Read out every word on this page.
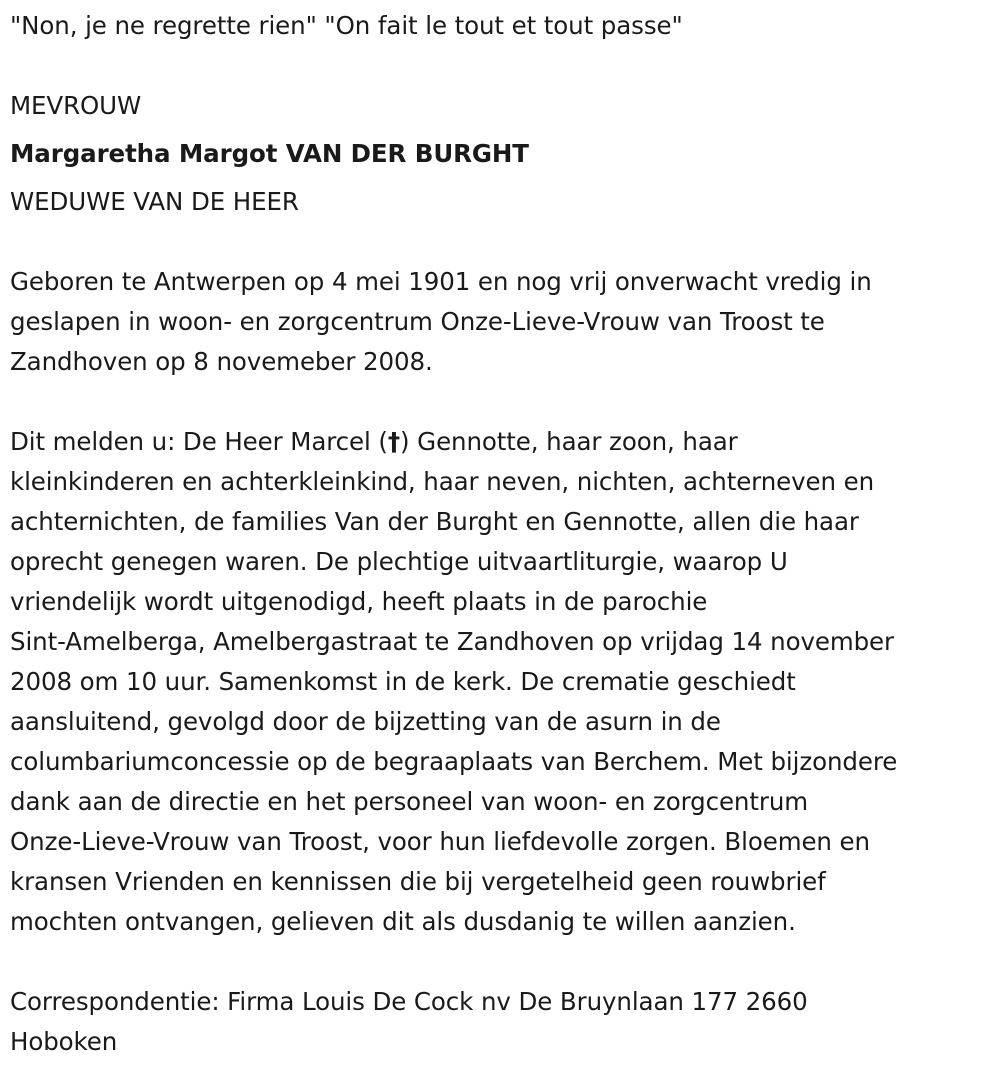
"Non, je ne regrette rien" "On fait le tout et tout passe"

MEVROUW

Margaretha Margot VAN DER BURGHT

WEDUWE VAN DE HEER

Geboren te Antwerpen op 4 mei 1901 en nog vrij onverwacht vredig in

geslapen in woon- en zorgcentrum Onze-Lieve-Vrouw van Troost te

Zandhoven op 8 novemeber 2008.

Dit melden u: De Heer Marcel (†) Gennotte, haar zoon, haar

kleinkinderen en achterkleinkind, haar neven, nichten, achterneven en

achternichten, de families Van der Burght en Gennotte, allen die haar

oprecht genegen waren. De plechtige uitvaartliturgie, waarop U

vriendelijk wordt uitgenodigd, heeft plaats in de parochie

Sint-Amelberga, Amelbergastraat te Zandhoven op vrijdag 14 november

2008 om 10 uur. Samenkomst in de kerk. De crematie geschiedt

aansluitend, gevolgd door de bijzetting van de asurn in de

columbariumconcessie op de begraaplaats van Berchem. Met bijzondere

dank aan de directie en het personeel van woon- en zorgcentrum

Onze-Lieve-Vrouw van Troost, voor hun liefdevolle zorgen. Bloemen en

kransen Vrienden en kennissen die bij vergetelheid geen rouwbrief

mochten ontvangen, gelieven dit als dusdanig te willen aanzien.

Correspondentie: Firma Louis De Cock nv De Bruynlaan 177 2660

Hoboken
